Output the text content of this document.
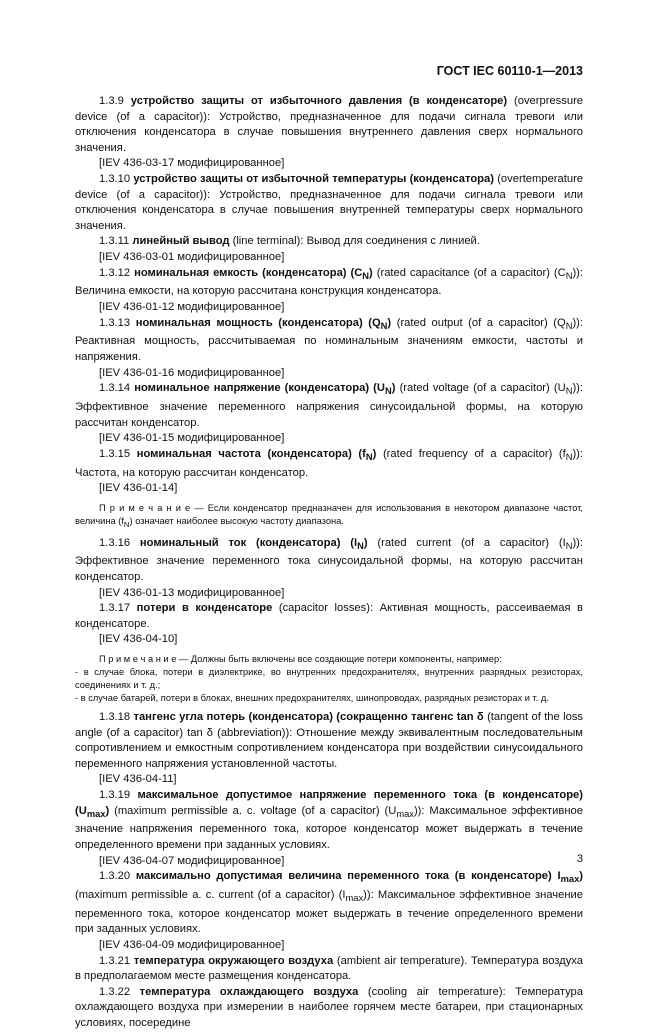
ГОСТ IEC 60110-1—2013

1.3.9 устройство защиты от избыточного давления (в конденсаторе) (overpressure device (of a capacitor)): Устройство, предназначенное для подачи сигнала тревоги или отключения конденсатора в случае повышения внутреннего давления сверх нормального значения.

[IEV 436-03-17 модифицированное]

1.3.10 устройство защиты от избыточной температуры (конденсатора) (overtemperature device (of a capacitor)): Устройство, предназначенное для подачи сигнала тревоги или отключения конденсатора в случае повышения внутренней температуры сверх нормального значения.

1.3.11 линейный вывод (line terminal): Вывод для соединения с линией.

[IEV 436-03-01 модифицированное]

1.3.12 номинальная емкость (конденсатора) $(C_N)$ (rated capacitance (of a capacitor) $(C_N)$): Величина емкости, на которую рассчитана конструкция конденсатора.

[IEV 436-01-12 модифицированное]

1.3.13 номинальная мощность (конденсатора) $(Q_N)$ (rated output (of a capacitor) $(Q_N)$): Реактивная мощность, рассчитываемая по номинальным значениям емкости, частоты и напряжения.

[IEV 436-01-16 модифицированное]

1.3.14 номинальное напряжение (конденсатора) $(U_N)$ (rated voltage (of a capacitor) $(U_N)$): Эффективное значение переменного напряжения синусоидальной формы, на которую рассчитан конденсатор.

[IEV 436-01-15 модифицированное]

1.3.15 номинальная частота (конденсатора) $(f_N)$ (rated frequency of a capacitor) $(f_N)$): Частота, на которую рассчитан конденсатор.

[IEV 436-01-14]

П р и м е ч а н и е — Если конденсатор предназначен для использования в некотором диапазоне частот, величина $(f_N)$ означает наиболее высокую частоту диапазона.

1.3.16 номинальный ток (конденсатора) $(I_N)$ (rated current (of a capacitor) $(I_N)$): Эффективное значение переменного тока синусоидальной формы, на которую рассчитан конденсатор.

[IEV 436-01-13 модифицированное]

1.3.17 потери в конденсаторе (capacitor losses): Активная мощность, рассеиваемая в конденсаторе.

[IEV 436-04-10]

П р и м е ч а н и е — Должны быть включены все создающие потери компоненты, например:

- в случае блока, потери в диэлектрике, во внутренних предохранителях, внутренних разрядных резисторах, соединениях и т. д.;

- в случае батарей, потери в блоках, внешних предохранителях, шинопроводах, разрядных резисторах и т. д.

1.3.18 тангенс угла потерь (конденсатора) (сокращенно тангенс tan δ (tangent of the loss angle (of a capacitor) tan δ (abbreviation)): Отношение между эквивалентным последовательным сопротивлением и емкостным сопротивлением конденсатора при воздействии синусоидального переменного напряжения установленной частоты.

[IEV 436-04-11]

1.3.19 максимальное допустимое напряжение переменного тока (в конденсаторе) $(U_{max})$ (maximum permissible a. c. voltage (of a capacitor) $(U_{max})$): Максимальное эффективное значение напряжения переменного тока, которое конденсатор может выдержать в течение определенного времени при заданных условиях.

[IEV 436-04-07 модифицированное]

1.3.20 максимально допустимая величина переменного тока (в конденсаторе) $I_{max}$) (maximum permissible a. c. current (of a capacitor) $(I_{max})$): Максимальное эффективное значение переменного тока, которое конденсатор может выдержать в течение определенного времени при заданных условиях.

[IEV 436-04-09 модифицированное]

1.3.21 температура окружающего воздуха (ambient air temperature). Температура воздуха в предполагаемом месте размещения конденсатора.

1.3.22 температура охлаждающего воздуха (cooling air temperature): Температура охлаждающего воздуха при измерении в наиболее горячем месте батареи, при стационарных условиях, посередине

3
